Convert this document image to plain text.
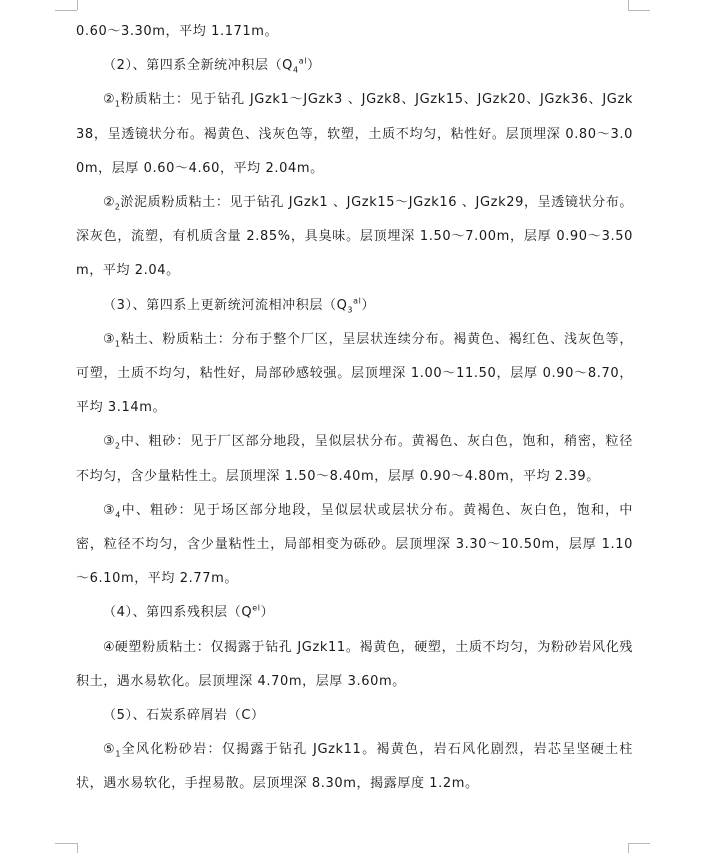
0.60～3.30m，平均 1.171m。

（2）、第四系全新统冲积层$(Q_4^{al})$

$②_1$粉质粘土：见于钻孔 JGzk1～JGzk3 、JGzk8、JGzk15、JGzk20、JGzk36、JGzk38，呈透镜状分布。褐黄色、浅灰色等，软塑，土质不均匀，粘性好。层顶埋深 0.80～3.00m，层厚 0.60～4.60，平均 2.04m。

$②_2$淤泥质粉质粘土：见于钻孔 JGzk1 、JGzk15～JGzk16 、JGzk29，呈透镜状分布。深灰色，流塑，有机质含量 2.85%，具臭味。层顶埋深 1.50～7.00m，层厚 0.90～3.50m，平均 2.04。

（3）、第四系上更新统河流相冲积层$(Q_3^{al})$

$③_1$粘土、粉质粘土：分布于整个厂区，呈层状连续分布。褐黄色、褐红色、浅灰色等，可塑，土质不均匀，粘性好，局部砂感较强。层顶埋深 1.00～11.50，层厚 0.90～8.70，平均 3.14m。

$③_2$中、粗砂：见于厂区部分地段，呈似层状分布。黄褐色、灰白色，饱和，稍密，粒径不均匀，含少量粘性土。层顶埋深 1.50～8.40m，层厚 0.90～4.80m，平均 2.39。

$③_4$中、粗砂：见于场区部分地段，呈似层状或层状分布。黄褐色、灰白色，饱和，中密，粒径不均匀，含少量粘性土，局部相变为砾砂。层顶埋深 3.30～10.50m，层厚 1.10～6.10m，平均 2.77m。

（4）、第四系残积层$(Q^{el})$

④硬塑粉质粘土：仅揭露于钻孔 JGzk11。褐黄色，硬塑，土质不均匀，为粉砂岩风化残积土，遇水易软化。层顶埋深 4.70m，层厚 3.60m。

（5）、石炭系碎屑岩（C）

$⑤_1$全风化粉砂岩：仅揭露于钻孔 JGzk11。褐黄色，岩石风化剧烈，岩芯呈坚硬土柱状，遇水易软化，手捏易散。层顶埋深 8.30m，揭露厚度 1.2m。
